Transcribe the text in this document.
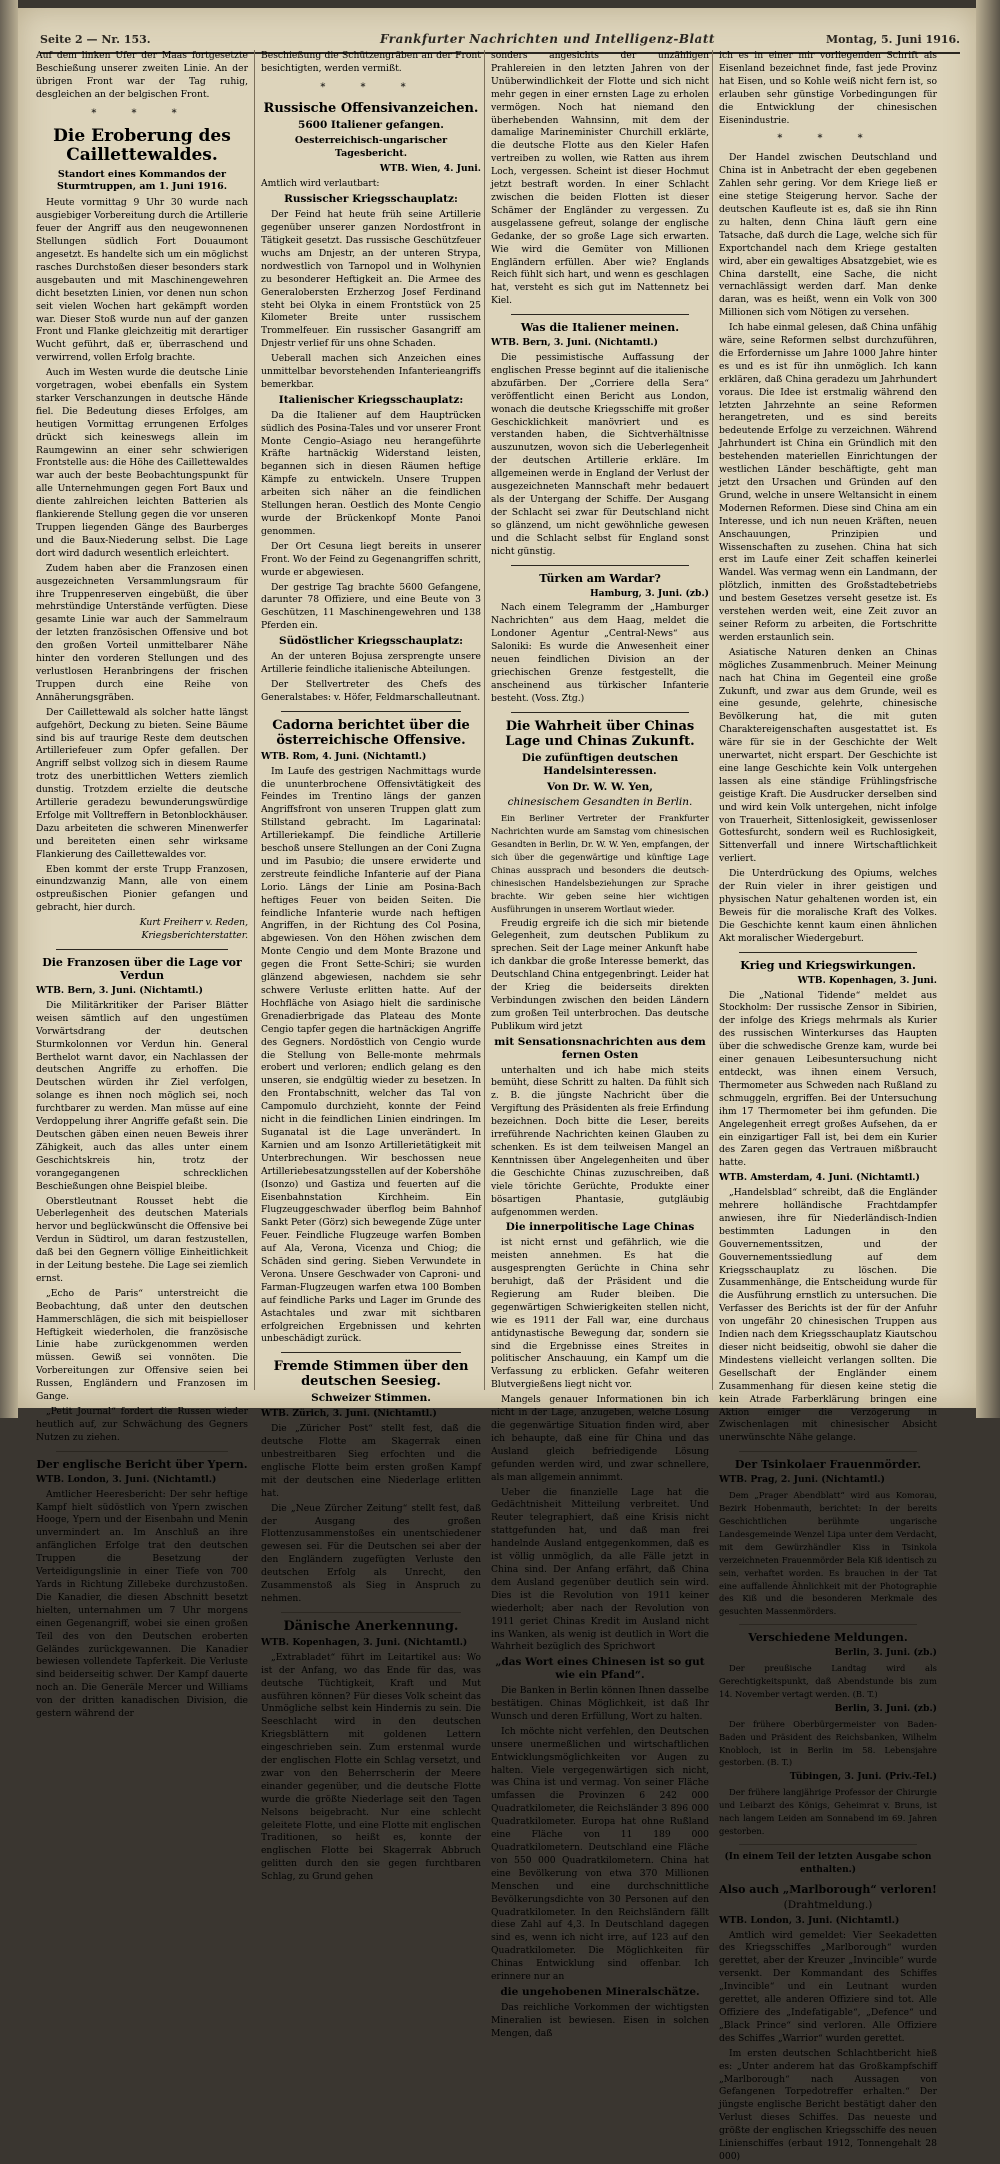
Seite 2 — Nr. 153.	Frankfurter Nachrichten und Intelligenz-Blatt	Montag, 5. Juni 1916.

Auf dem linken Ufer der Maas fortgesetzte Beschießung unserer zweiten Linie. An der übrigen Front war der Tag ruhig, desgleichen an der belgischen Front.

* * *
Die Eroberung des Caillettewaldes.
Standort eines Kommandos der Sturmtruppen, am 1. Juni 1916.

Heute vormittag 9 Uhr 30 wurde nach ausgiebiger Vorbereitung durch die Artillerie feuer der Angriff aus den neugewonnenen Stellungen südlich Fort Douaumont angesetzt. Es handelte sich um ein möglichst rasches Durchstoßen dieser besonders stark ausgebauten und mit Maschinengewehren dicht besetzten Linien, vor denen nun schon seit vielen Wochen hart gekämpft worden war. Dieser Stoß wurde nun auf der ganzen Front und Flanke gleichzeitig mit derartiger Wucht geführt, daß er, überraschend und verwirrend, vollen Erfolg brachte.

Auch im Westen wurde die deutsche Linie vorgetragen, wobei ebenfalls ein System starker Verschanzungen in deutsche Hände fiel. Die Bedeutung dieses Erfolges, am heutigen Vormittag errungenen Erfolges drückt sich keineswegs allein im Raumgewinn an einer sehr schwierigen Frontstelle aus: die Höhe des Caillettewaldes war auch der beste Beobachtungspunkt für alle Unternehmungen gegen Fort Baux und diente zahlreichen leichten Batterien als flankierende Stellung gegen die vor unseren Truppen liegenden Gänge des Baurberges und die Baux-Niederung selbst. Die Lage dort wird dadurch wesentlich erleichtert.

Zudem haben aber die Franzosen einen ausgezeichneten Versammlungsraum für ihre Truppenreserven eingebüßt, die über mehrstündige Unterstände verfügten. Diese gesamte Linie war auch der Sammelraum der letzten französischen Offensive und bot den großen Vorteil unmittelbarer Nähe hinter den vorderen Stellungen und des verlustlosen Heranbringens der frischen Truppen durch eine Reihe von Annäherungsgräben.

Der Caillettewald als solcher hatte längst aufgehört, Deckung zu bieten. Seine Bäume sind bis auf traurige Reste dem deutschen Artilleriefeuer zum Opfer gefallen. Der Angriff selbst vollzog sich in diesem Raume trotz des unerbittlichen Wetters ziemlich dunstig. Trotzdem erzielte die deutsche Artillerie geradezu bewunderungswürdige Erfolge mit Volltreffern in Betonblockhäuser. Dazu arbeiteten die schweren Minenwerfer und bereiteten einen sehr wirksame Flankierung des Caillettewaldes vor.

Eben kommt der erste Trupp Franzosen, einundzwanzig Mann, alle von einem ostpreußischen Pionier gefangen und gebracht, hier durch.

Kurt Freiherr v. Reden,
Kriegsberichterstatter.
Die Franzosen über die Lage vor Verdun

WTB. Bern, 3. Juni. (Nichtamtl.)

Die Militärkritiker der Pariser Blätter weisen sämtlich auf den ungestümen Vorwärtsdrang der deutschen Sturmkolonnen vor Verdun hin. General Berthelot warnt davor, ein Nachlassen der deutschen Angriffe zu erhoffen. Die Deutschen würden ihr Ziel verfolgen, solange es ihnen noch möglich sei, noch furchtbarer zu werden. Man müsse auf eine Verdoppelung ihrer Angriffe gefaßt sein. Die Deutschen gäben einen neuen Beweis ihrer Zähigkeit, auch das alles unter einem Geschichtskreis hin, trotz der vorangegangenen schrecklichen Beschießungen ohne Beispiel bleibe.

Oberstleutnant Rousset hebt die Ueberlegenheit des deutschen Materials hervor und beglückwünscht die Offensive bei Verdun in Südtirol, um daran festzustellen, daß bei den Gegnern völlige Einheitlichkeit in der Leitung bestehe. Die Lage sei ziemlich ernst.

„Echo de Paris“ unterstreicht die Beobachtung, daß unter den deutschen Hammerschlägen, die sich mit beispielloser Heftigkeit wiederholen, die französische Linie habe zurückgenommen werden müssen. Gewiß sei vonnöten. Die Vorbereitungen zur Offensive seien bei Russen, Engländern und Franzosen im Gange.

„Petit Journal“ fordert die Russen wieder heutlich auf, zur Schwächung des Gegners Nutzen zu ziehen.

Der englische Bericht über Ypern.

WTB. London, 3. Juni. (Nichtamtl.)

Amtlicher Heeresbericht: Der sehr heftige Kampf hielt südöstlich von Ypern zwischen Hooge, Ypern und der Eisenbahn und Menin unvermindert an. Im Anschluß an ihre anfänglichen Erfolge trat den deutschen Truppen die Besetzung der Verteidigungslinie in einer Tiefe von 700 Yards in Richtung Zillebeke durchzustoßen. Die Kanadier, die diesen Abschnitt besetzt hielten, unternahmen um 7 Uhr morgens einen Gegenangriff, wobei sie einen großen Teil des von den Deutschen eroberten Geländes zurückgewannen. Die Kanadier bewiesen vollendete Tapferkeit. Die Verluste sind beiderseitig schwer. Der Kampf dauerte noch an. Die Generäle Mercer und Williams von der dritten kanadischen Division, die gestern während der

Beschießung die Schützengräben an der Front besichtigten, werden vermißt.

* * *
Russische Offensivanzeichen.
5600 Italiener gefangen.
Oesterreichisch-ungarischer Tagesbericht.

WTB. Wien, 4. Juni.

Amtlich wird verlautbart:

Russischer Kriegsschauplatz:

Der Feind hat heute früh seine Artillerie gegenüber unserer ganzen Nordostfront in Tätigkeit gesetzt. Das russische Geschützfeuer wuchs am Dnjestr, an der unteren Strypa, nordwestlich von Tarnopol und in Wolhynien zu besonderer Heftigkeit an. Die Armee des Generalobersten Erzherzog Josef Ferdinand steht bei Olyka in einem Frontstück von 25 Kilometer Breite unter russischem Trommelfeuer. Ein russischer Gasangriff am Dnjestr verlief für uns ohne Schaden.

Ueberall machen sich Anzeichen eines unmittelbar bevorstehenden Infanterieangriffs bemerkbar.

Italienischer Kriegsschauplatz:

Da die Italiener auf dem Hauptrücken südlich des Posina-Tales und vor unserer Front Monte Cengio–Asiago neu herangeführte Kräfte hartnäckig Widerstand leisten, begannen sich in diesen Räumen heftige Kämpfe zu entwickeln. Unsere Truppen arbeiten sich näher an die feindlichen Stellungen heran. Oestlich des Monte Cengio wurde der Brückenkopf Monte Panoi genommen.

Der Ort Cesuna liegt bereits in unserer Front. Wo der Feind zu Gegenangriffen schritt, wurde er abgewiesen.

Der gestrige Tag brachte 5600 Gefangene, darunter 78 Offiziere, und eine Beute von 3 Geschützen, 11 Maschinengewehren und 138 Pferden ein.

Südöstlicher Kriegsschauplatz:

An der unteren Bojusa zersprengte unsere Artillerie feindliche italienische Abteilungen.

Der Stellvertreter des Chefs des Generalstabes: v. Höfer, Feldmarschalleutnant.

Cadorna berichtet über die österreichische Offensive.

WTB. Rom, 4. Juni. (Nichtamtl.)

Im Laufe des gestrigen Nachmittags wurde die ununterbrochene Offensivtätigkeit des Feindes im Trentino längs der ganzen Angriffsfront von unseren Truppen glatt zum Stillstand gebracht. Im Lagarinatal: Artilleriekampf. Die feindliche Artillerie beschoß unsere Stellungen an der Coni Zugna und im Pasubio; die unsere erwiderte und zerstreute feindliche Infanterie auf der Piana Lorio. Längs der Linie am Posina-Bach heftiges Feuer von beiden Seiten. Die feindliche Infanterie wurde nach heftigen Angriffen, in der Richtung des Col Posina, abgewiesen. Von den Höhen zwischen dem Monte Cengio und dem Monte Brazone und gegen die Front Sette-Schiri; sie wurden glänzend abgewiesen, nachdem sie sehr schwere Verluste erlitten hatte. Auf der Hochfläche von Asiago hielt die sardinische Grenadierbrigade das Plateau des Monte Cengio tapfer gegen die hartnäckigen Angriffe des Gegners. Nordöstlich von Cengio wurde die Stellung von Belle-monte mehrmals erobert und verloren; endlich gelang es den unseren, sie endgültig wieder zu besetzen. In den Frontabschnitt, welcher das Tal von Campomulo durchzieht, konnte der Feind nicht in die feindlichen Linien eindringen. Im Suganatal ist die Lage unverändert. In Karnien und am Isonzo Artillerietätigkeit mit Unterbrechungen. Wir beschossen neue Artilleriebesatzungsstellen auf der Kobershöhe (Isonzo) und Gastiza und feuerten auf die Eisenbahnstation Kirchheim. Ein Flugzeuggeschwader überflog beim Bahnhof Sankt Peter (Görz) sich bewegende Züge unter Feuer. Feindliche Flugzeuge warfen Bomben auf Ala, Verona, Vicenza und Chiog; die Schäden sind gering. Sieben Verwundete in Verona. Unsere Geschwader von Caproni- und Farman-Flugzeugen warfen etwa 100 Bomben auf feindliche Parks und Lager im Grunde des Astachtales und zwar mit sichtbaren erfolgreichen Ergebnissen und kehrten unbeschädigt zurück.

Fremde Stimmen über den deutschen Seesieg.
Schweizer Stimmen.

WTB. Zürich, 3. Juni. (Nichtamtl.)

Die „Züricher Post“ stellt fest, daß die deutsche Flotte am Skagerrak einen unbestreitbaren Sieg erfochten und die englische Flotte beim ersten großen Kampf mit der deutschen eine Niederlage erlitten hat.

Die „Neue Zürcher Zeitung“ stellt fest, daß der Ausgang des großen Flottenzusammenstoßes ein unentschiedener gewesen sei. Für die Deutschen sei aber der den Engländern zugefügten Verluste den deutschen Erfolg als Unrecht, den Zusammenstoß als Sieg in Anspruch zu nehmen.

Dänische Anerkennung.

WTB. Kopenhagen, 3. Juni. (Nichtamtl.)

„Extrabladet“ führt im Leitartikel aus: Wo ist der Anfang, wo das Ende für das, was deutsche Tüchtigkeit, Kraft und Mut ausführen können? Für dieses Volk scheint das Unmögliche selbst kein Hindernis zu sein. Die Seeschlacht wird in den deutschen Kriegsblättern mit goldenen Lettern eingeschrieben sein. Zum erstenmal wurde der englischen Flotte ein Schlag versetzt, und zwar von den Beherrscherin der Meere einander gegenüber, und die deutsche Flotte wurde die größte Niederlage seit den Tagen Nelsons beigebracht. Nur eine schlecht geleitete Flotte, und eine Flotte mit englischen Traditionen, so heißt es, konnte der englischen Flotte bei Skagerrak Abbruch gelitten durch den sie gegen furchtbaren Schlag, zu Grund gehen

sonders angesichts der unzähligen Prahlereien in den letzten Jahren von der Unüberwindlichkeit der Flotte und sich nicht mehr gegen in einer ernsten Lage zu erholen vermögen. Noch hat niemand den überhebenden Wahnsinn, mit dem der damalige Marineminister Churchill erklärte, die deutsche Flotte aus den Kieler Hafen vertreiben zu wollen, wie Ratten aus ihrem Loch, vergessen. Scheint ist dieser Hochmut jetzt bestraft worden. In einer Schlacht zwischen die beiden Flotten ist dieser Schämer der Engländer zu vergessen. Zu ausgelassene gefreut, solange der englische Gedanke, der so große Lage sich erwarten. Wie wird die Gemüter von Millionen Engländern erfüllen. Aber wie? Englands Reich fühlt sich hart, und wenn es geschlagen hat, versteht es sich gut im Nattennetz bei Kiel.

Was die Italiener meinen.

WTB. Bern, 3. Juni. (Nichtamtl.)

Die pessimistische Auffassung der englischen Presse beginnt auf die italienische abzufärben. Der „Corriere della Sera“ veröffentlicht einen Bericht aus London, wonach die deutsche Kriegsschiffe mit großer Geschicklichkeit manövriert und es verstanden haben, die Sichtverhältnisse auszunutzen, wovon sich die Ueberlegenheit der deutschen Artillerie erkläre. Im allgemeinen werde in England der Verlust der ausgezeichneten Mannschaft mehr bedauert als der Untergang der Schiffe. Der Ausgang der Schlacht sei zwar für Deutschland nicht so glänzend, um nicht gewöhnliche gewesen und die Schlacht selbst für England sonst nicht günstig.

Türken am Wardar?

Hamburg, 3. Juni. (zb.)

Nach einem Telegramm der „Hamburger Nachrichten“ aus dem Haag, meldet die Londoner Agentur „Central-News“ aus Saloniki: Es wurde die Anwesenheit einer neuen feindlichen Division an der griechischen Grenze festgestellt, die anscheinend aus türkischer Infanterie besteht. (Voss. Ztg.)

Die Wahrheit über Chinas Lage und Chinas Zukunft.
Die zufünftigen deutschen Handelsinteressen.
Von Dr. W. W. Yen,
chinesischem Gesandten in Berlin.

Ein Berliner Vertreter der Frankfurter Nachrichten wurde am Samstag vom chinesischen Gesandten in Berlin, Dr. W. W. Yen, empfangen, der sich über die gegenwärtige und künftige Lage Chinas aussprach und besonders die deutsch-chinesischen Handelsbeziehungen zur Sprache brachte. Wir geben seine hier wichtigen Ausführungen in unserem Wortlaut wieder.

Freudig ergreife ich die sich mir bietende Gelegenheit, zum deutschen Publikum zu sprechen. Seit der Lage meiner Ankunft habe ich dankbar die große Interesse bemerkt, das Deutschland China entgegenbringt. Leider hat der Krieg die beiderseits direkten Verbindungen zwischen den beiden Ländern zum großen Teil unterbrochen. Das deutsche Publikum wird jetzt

mit Sensationsnachrichten aus dem fernen Osten

unterhalten und ich habe mich steits bemüht, diese Schritt zu halten. Da fühlt sich z. B. die jüngste Nachricht über die Vergiftung des Präsidenten als freie Erfindung bezeichnen. Doch bitte die Leser, bereits irreführende Nachrichten keinen Glauben zu schenken. Es ist dem teilweisen Mangel an Kenntnissen über Angelegenheiten und über die Geschichte Chinas zuzuschreiben, daß viele törichte Gerüchte, Produkte einer bösartigen Phantasie, gutgläubig aufgenommen werden.

Die innerpolitische Lage Chinas

ist nicht ernst und gefährlich, wie die meisten annehmen. Es hat die ausgesprengten Gerüchte in China sehr beruhigt, daß der Präsident und die Regierung am Ruder bleiben. Die gegenwärtigen Schwierigkeiten stellen nicht, wie es 1911 der Fall war, eine durchaus antidynastische Bewegung dar, sondern sie sind die Ergebnisse eines Streites in politischer Anschauung, ein Kampf um die Verfassung zu erblicken. Gefahr weiteren Blutvergießens liegt nicht vor.

Mangels genauer Informationen bin ich nicht in der Lage, anzugeben, welche Lösung die gegenwärtige Situation finden wird, aber ich behaupte, daß eine für China und das Ausland gleich befriedigende Lösung gefunden werden wird, und zwar schnellere, als man allgemein annimmt.

Ueber die finanzielle Lage hat die Gedächtnisheit Mitteilung verbreitet. Und Reuter telegraphiert, daß eine Krisis nicht stattgefunden hat, und daß man frei handelnde Ausland entgegenkommen, daß es ist völlig unmöglich, da alle Fälle jetzt in China sind. Der Anfang erfährt, daß China dem Ausland gegenüber deutlich sein wird. Dies ist die Revolution von 1911 keiner wiederholt; aber nach der Revolution von 1911 geriet Chinas Kredit im Ausland nicht ins Wanken, als wenig ist deutlich in Wort die Wahrheit bezüglich des Sprichwort

„das Wort eines Chinesen ist so gut wie ein Pfand“.

Die Banken in Berlin können Ihnen dasselbe bestätigen. Chinas Möglichkeit, ist daß Ihr Wunsch und deren Erfüllung, Wort zu halten.

Ich möchte nicht verfehlen, den Deutschen unsere unermeßlichen und wirtschaftlichen Entwicklungsmöglichkeiten vor Augen zu halten. Viele vergegenwärtigen sich nicht, was China ist und vermag. Von seiner Fläche umfassen die Provinzen 6 242 000 Quadratkilometer, die Reichsländer 3 896 000 Quadratkilometer. Europa hat ohne Rußland eine Fläche von 11 189 000 Quadratkilometern. Deutschland eine Fläche von 550 000 Quadratkilometern. China hat eine Bevölkerung von etwa 370 Millionen Menschen und eine durchschnittliche Bevölkerungsdichte von 30 Personen auf den Quadratkilometer. In den Reichsländern fällt diese Zahl auf 4,3. In Deutschland dagegen sind es, wenn ich nicht irre, auf 123 auf den Quadratkilometer. Die Möglichkeiten für Chinas Entwicklung sind offenbar. Ich erinnere nur an

die ungehobenen Mineralschätze.

Das reichliche Vorkommen der wichtigsten Mineralien ist bewiesen. Eisen in solchen Mengen, daß

ich es in einer mir vorliegenden Schrift als Eisenland bezeichnet finde, fast jede Provinz hat Eisen, und so Kohle weiß nicht fern ist, so erlauben sehr günstige Vorbedingungen für die Entwicklung der chinesischen Eisenindustrie.

* * *

Der Handel zwischen Deutschland und China ist in Anbetracht der eben gegebenen Zahlen sehr gering. Vor dem Kriege ließ er eine stetige Steigerung hervor. Sache der deutschen Kaufleute ist es, daß sie ihn Rinn zu halten, denn China läuft gern eine Tatsache, daß durch die Lage, welche sich für Exportchandel nach dem Kriege gestalten wird, aber ein gewaltiges Absatzgebiet, wie es China darstellt, eine Sache, die nicht vernachlässigt werden darf. Man denke daran, was es heißt, wenn ein Volk von 300 Millionen sich vom Nötigen zu versehen.

Ich habe einmal gelesen, daß China unfähig wäre, seine Reformen selbst durchzuführen, die Erfordernisse um Jahre 1000 Jahre hinter es und es ist für ihn unmöglich. Ich kann erklären, daß China geradezu um Jahrhundert voraus. Die Idee ist erstmalig während den letzten Jahrzehnte an seine Reformen herangetreten, und es sind bereits bedeutende Erfolge zu verzeichnen. Während Jahrhundert ist China ein Gründlich mit den bestehenden materiellen Einrichtungen der westlichen Länder beschäftigte, geht man jetzt den Ursachen und Gründen auf den Grund, welche in unsere Weltansicht in einem Modernen Reformen. Diese sind China am ein Interesse, und ich nun neuen Kräften, neuen Anschauungen, Prinzipien und Wissenschaften zu zusehen. China hat sich erst im Laufe einer Zeit schaffen keinerlei Wandel. Was vermag wenn ein Landmann, der plötzlich, inmitten des Großstadtebetriebs und bestem Gesetzes verseht gesetze ist. Es verstehen werden weit, eine Zeit zuvor an seiner Reform zu arbeiten, die Fortschritte werden erstaunlich sein.

Asiatische Naturen denken an Chinas mögliches Zusammenbruch. Meiner Meinung nach hat China im Gegenteil eine große Zukunft, und zwar aus dem Grunde, weil es eine gesunde, gelehrte, chinesische Bevölkerung hat, die mit guten Charaktereigenschaften ausgestattet ist. Es wäre für sie in der Geschichte der Welt unerwartet, nicht erspart. Der Geschichte ist eine lange Geschichte kein Volk untergehen lassen als eine ständige Frühlingsfrische geistige Kraft. Die Ausdrucker derselben sind und wird kein Volk untergehen, nicht infolge von Trauerheit, Sittenlosigkeit, gewissenloser Gottesfurcht, sondern weil es Ruchlosigkeit, Sittenverfall und innere Wirtschaftlichkeit verliert.

Die Unterdrückung des Opiums, welches der Ruin vieler in ihrer geistigen und physischen Natur gehaltenen worden ist, ein Beweis für die moralische Kraft des Volkes. Die Geschichte kennt kaum einen ähnlichen Akt moralischer Wiedergeburt.

Krieg und Kriegswirkungen.

WTB. Kopenhagen, 3. Juni.

Die „National Tidende“ meldet aus Stockholm: Der russische Zensor in Sibirien, der infolge des Kriegs mehrmals als Kurier des russischen Winterkurses das Haupten über die schwedische Grenze kam, wurde bei einer genauen Leibesuntersuchung nicht entdeckt, was ihnen einem Versuch, Thermometer aus Schweden nach Rußland zu schmuggeln, ergriffen. Bei der Untersuchung ihm 17 Thermometer bei ihm gefunden. Die Angelegenheit erregt großes Aufsehen, da er ein einzigartiger Fall ist, bei dem ein Kurier des Zaren gegen das Vertrauen mißbraucht hatte.

WTB. Amsterdam, 4. Juni. (Nichtamtl.)

„Handelsblad“ schreibt, daß die Engländer mehrere holländische Frachtdampfer anwiesen, ihre für Niederländisch-Indien bestimmten Ladungen in den Gouvernementssitzen, und der Gouvernementssiedlung auf dem Kriegsschauplatz zu löschen. Die Zusammenhänge, die Entscheidung wurde für die Ausführung ernstlich zu untersuchen. Die Verfasser des Berichts ist der für der Anfuhr von ungefähr 20 chinesischen Truppen aus Indien nach dem Kriegsschauplatz Kiautschou dieser nicht beidseitig, obwohl sie daher die Mindestens vielleicht verlangen sollten. Die Gesellschaft der Engländer einem Zusammenhang für diesen keine stetig die kein Atrade Farberklärung bringen eine Aktion einiger die Verzögerung in Zwischenlagen mit chinesischer Absicht unerwünschte Nähe gelange.

Der Tsinkolaer Frauenmörder.

WTB. Prag, 2. Juni. (Nichtamtl.)

Dem „Prager Abendblatt“ wird aus Komorau, Bezirk Hobenmauth, berichtet: In der bereits Geschichtlichen berühmte ungarische Landesgemeinde Wenzel Lipa unter dem Verdacht, mit dem Gewürzhändler Kiss in Tsinkola verzeichneten Frauenmörder Bela Kiß identisch zu sein, verhaftet worden. Es brauchen in der Tat eine auffallende Ähnlichkeit mit der Photographie des Kiß und die besonderen Merkmale des gesuchten Massenmörders.

Verschiedene Meldungen.

Berlin, 3. Juni. (zb.)

Der preußische Landtag wird als Gerechtigkeitspunkt, daß Abendstunde bis zum 14. November vertagt werden. (B. T.)

Berlin, 3. Juni. (zb.)

Der frühere Oberbürgermeister von Baden-Baden und Präsident des Reichsbanken, Wilhelm Knobloch, ist in Berlin im 58. Lebensjahre gestorben. (B. T.)

Tübingen, 3. Juni. (Priv.-Tel.)

Der frühere langjährige Professor der Chirurgie und Leibarzt des Königs, Geheimrat v. Bruns, ist nach langem Leiden am Sonnabend im 69. Jahren gestorben.

(In einem Teil der letzten Ausgabe schon enthalten.)
Also auch „Marlborough“ verloren!
(Drahtmeldung.)

WTB. London, 3. Juni. (Nichtamtl.)

Amtlich wird gemeldet: Vier Seekadetten des Kriegsschiffes „Marlborough“ wurden gerettet, aber der Kreuzer „Invincible“ wurde versenkt. Der Kommandant des Schiffes „Invincible“ und ein Leutnant wurden gerettet, alle anderen Offiziere sind tot. Alle Offiziere des „Indefatigable“, „Defence“ und „Black Prince“ sind verloren. Alle Offiziere des Schiffes „Warrior“ wurden gerettet.

Im ersten deutschen Schlachtbericht hieß es: „Unter anderem hat das Großkampfschiff „Marlborough“ nach Aussagen von Gefangenen Torpedotreffer erhalten.“ Der jüngste englische Bericht bestätigt daher den Verlust dieses Schiffes. Das neueste und größte der englischen Kriegsschiffe des neuen Linienschiffes (erbaut 1912, Tonnengehalt 28 000)
